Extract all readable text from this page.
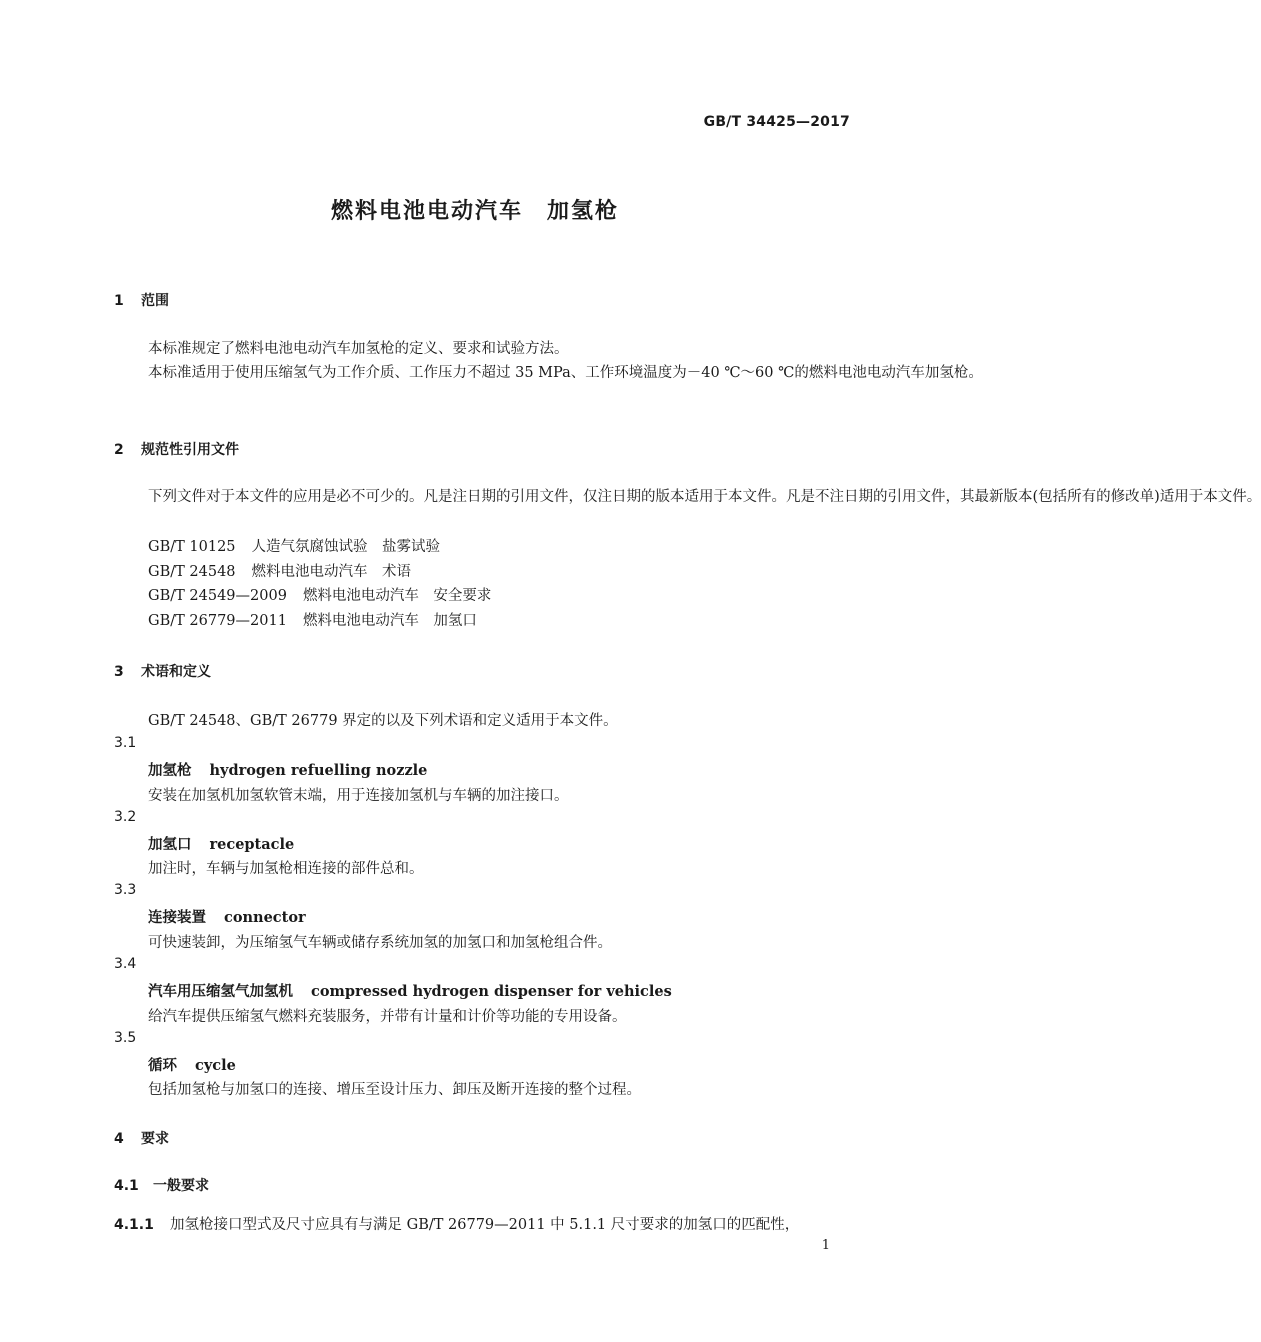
GB/T 34425—2017
燃料电池电动汽车　加氢枪
1 范围
本标准规定了燃料电池电动汽车加氢枪的定义、要求和试验方法。
本标准适用于使用压缩氢气为工作介质、工作压力不超过 35 MPa、工作环境温度为－40 ℃～60 ℃的燃料电池电动汽车加氢枪。
2 规范性引用文件
下列文件对于本文件的应用是必不可少的。凡是注日期的引用文件，仅注日期的版本适用于本文件。凡是不注日期的引用文件，其最新版本(包括所有的修改单)适用于本文件。
GB/T 10125 人造气氛腐蚀试验　盐雾试验
GB/T 24548 燃料电池电动汽车　术语
GB/T 24549—2009 燃料电池电动汽车　安全要求
GB/T 26779—2011 燃料电池电动汽车　加氢口
3 术语和定义
GB/T 24548、GB/T 26779 界定的以及下列术语和定义适用于本文件。
3.1
加氢枪 hydrogen refuelling nozzle
安装在加氢机加氢软管末端，用于连接加氢机与车辆的加注接口。
3.2
加氢口 receptacle
加注时，车辆与加氢枪相连接的部件总和。
3.3
连接装置 connector
可快速装卸，为压缩氢气车辆或储存系统加氢的加氢口和加氢枪组合件。
3.4
汽车用压缩氢气加氢机 compressed hydrogen dispenser for vehicles
给汽车提供压缩氢气燃料充装服务，并带有计量和计价等功能的专用设备。
3.5
循环 cycle
包括加氢枪与加氢口的连接、增压至设计压力、卸压及断开连接的整个过程。
4 要求
4.1 一般要求
4.1.1 加氢枪接口型式及尺寸应具有与满足 GB/T 26779—2011 中 5.1.1 尺寸要求的加氢口的匹配性，
1
